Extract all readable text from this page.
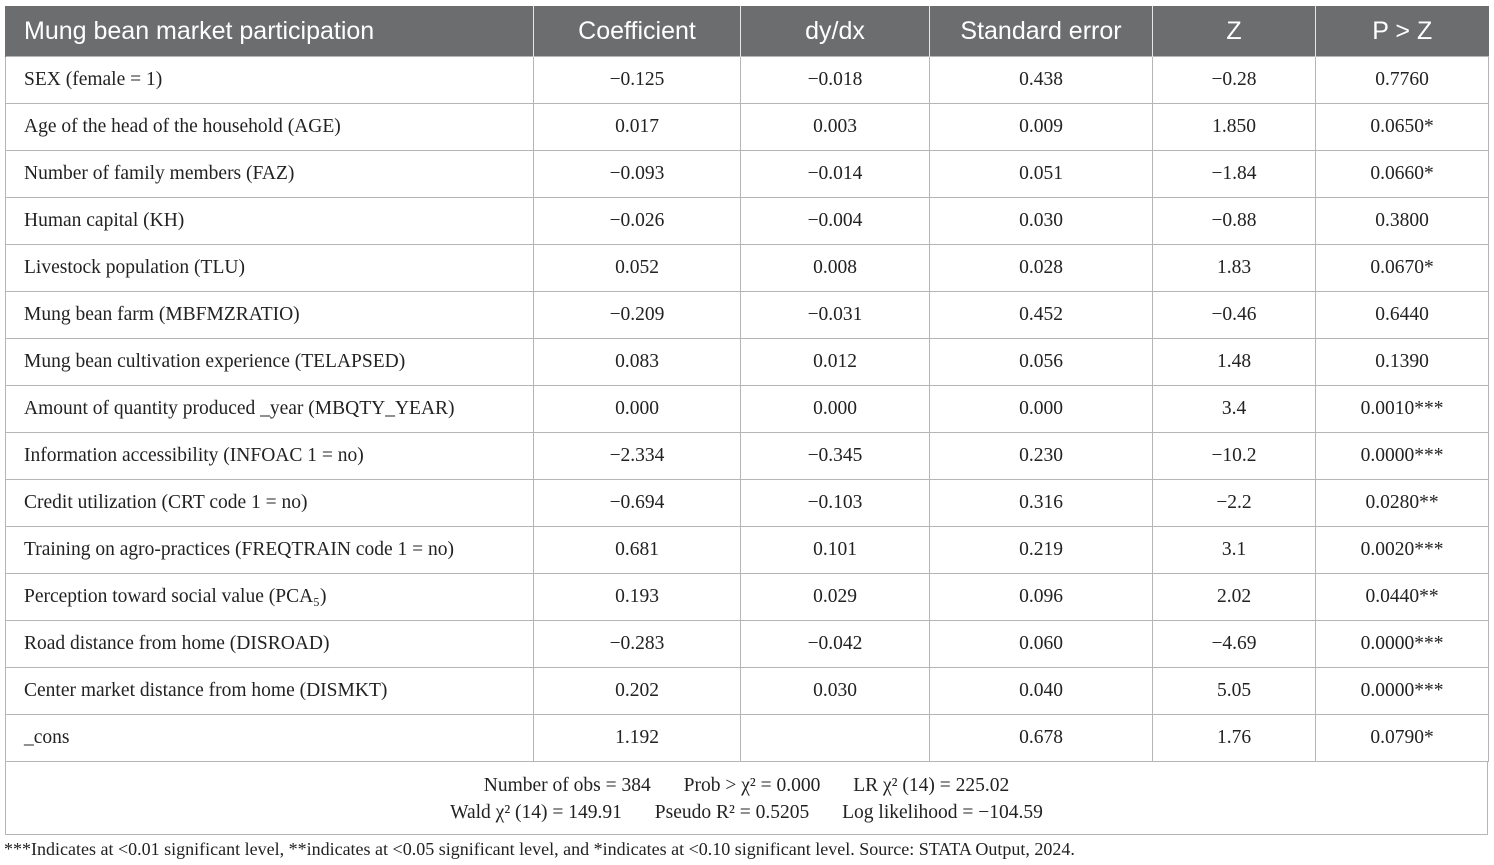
Mung bean market participation	Coefficient	dy/dx	Standard error	Z	P > Z
SEX (female = 1)	−0.125	−0.018	0.438	−0.28	0.7760
Age of the head of the household (AGE)	0.017	0.003	0.009	1.850	0.0650*
Number of family members (FAZ)	−0.093	−0.014	0.051	−1.84	0.0660*
Human capital (KH)	−0.026	−0.004	0.030	−0.88	0.3800
Livestock population (TLU)	0.052	0.008	0.028	1.83	0.0670*
Mung bean farm (MBFMZRATIO)	−0.209	−0.031	0.452	−0.46	0.6440
Mung bean cultivation experience (TELAPSED)	0.083	0.012	0.056	1.48	0.1390
Amount of quantity produced _year (MBQTY_YEAR)	0.000	0.000	0.000	3.4	0.0010***
Information accessibility (INFOAC 1 = no)	−2.334	−0.345	0.230	−10.2	0.0000***
Credit utilization (CRT code 1 = no)	−0.694	−0.103	0.316	−2.2	0.0280**
Training on agro-practices (FREQTRAIN code 1 = no)	0.681	0.101	0.219	3.1	0.0020***
Perception toward social value (PCA₅)	0.193	0.029	0.096	2.02	0.0440**
Road distance from home (DISROAD)	−0.283	−0.042	0.060	−4.69	0.0000***
Center market distance from home (DISMKT)	0.202	0.030	0.040	5.05	0.0000***
_cons	1.192		0.678	1.76	0.0790*
Number of obs = 384 Prob > χ² = 0.000 LR χ² (14) = 225.02
Wald χ² (14) = 149.91 Pseudo R² = 0.5205 Log likelihood = −104.59
***Indicates at <0.01 significant level, **indicates at <0.05 significant level, and *indicates at <0.10 significant level. Source: STATA Output, 2024.
